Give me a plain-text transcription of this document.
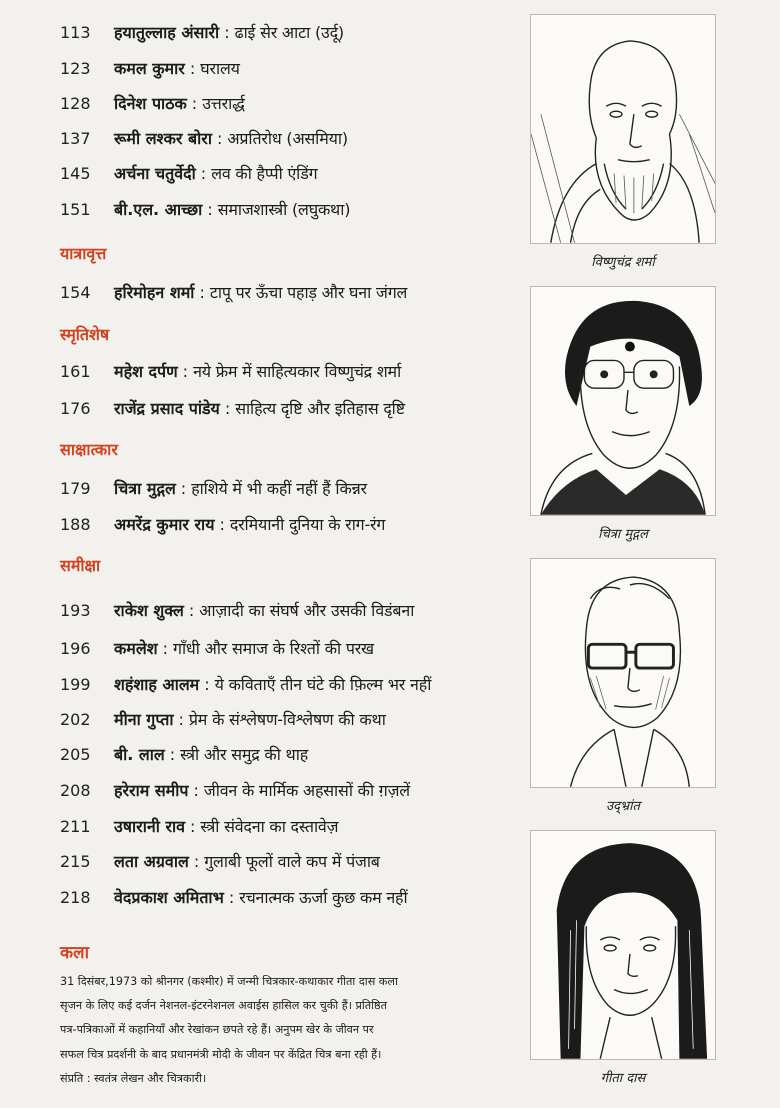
113	हयातुल्लाह अंसारी : ढाई सेर आटा (उर्दू)
123	कमल कुमार : घरालय
128	दिनेश पाठक : उत्तरार्द्ध
137	रूमी लश्कर बोरा : अप्रतिरोध (असमिया)
145	अर्चना चतुर्वेदी : लव की हैप्पी एंडिंग
151	बी.एल. आच्छा : समाजशास्त्री (लघुकथा)
यात्रावृत्त
154	हरिमोहन शर्मा : टापू पर ऊँचा पहाड़ और घना जंगल
स्मृतिशेष
161	महेश दर्पण : नये फ्रेम में साहित्यकार विष्णुचंद्र शर्मा
176	राजेंद्र प्रसाद पांडेय : साहित्य दृष्टि और इतिहास दृष्टि
साक्षात्कार
179	चित्रा मुद्गल : हाशिये में भी कहीं नहीं हैं किन्नर
188	अमरेंद्र कुमार राय : दरमियानी दुनिया के राग-रंग
समीक्षा
193	राकेश शुक्ल : आज़ादी का संघर्ष और उसकी विडंबना
196	कमलेश : गाँधी और समाज के रिश्तों की परख
199	शहंशाह आलम : ये कविताएँ तीन घंटे की फ़िल्म भर नहीं
202	मीना गुप्ता : प्रेम के संश्लेषण-विश्लेषण की कथा
205	बी. लाल : स्त्री और समुद्र की थाह
208	हरेराम समीप : जीवन के मार्मिक अहसासों की ग़ज़लें
211	उषारानी राव : स्त्री संवेदना का दस्तावेज़
215	लता अग्रवाल : गुलाबी फूलों वाले कप में पंजाब
218	वेदप्रकाश अमिताभ : रचनात्मक ऊर्जा कुछ कम नहीं
कला
31 दिसंबर,1973 को श्रीनगर (कश्मीर) में जन्मी चित्रकार-कथाकार गीता दास कला
सृजन के लिए कई दर्जन नेशनल-इंटरनेशनल अवाईस हासिल कर चुकी हैं। प्रतिष्ठित
पत्र-पत्रिकाओं में कहानियाँ और रेखांकन छपते रहे हैं। अनुपम खेर के जीवन पर
सफल चित्र प्रदर्शनी के बाद प्रधानमंत्री मोदी के जीवन पर केंद्रित चित्र बना रही हैं।
संप्रति : स्वतंत्र लेखन और चित्रकारी।
विष्णुचंद्र शर्मा
चित्रा मुद्गल
उद्भ्रांत
गीता दास
